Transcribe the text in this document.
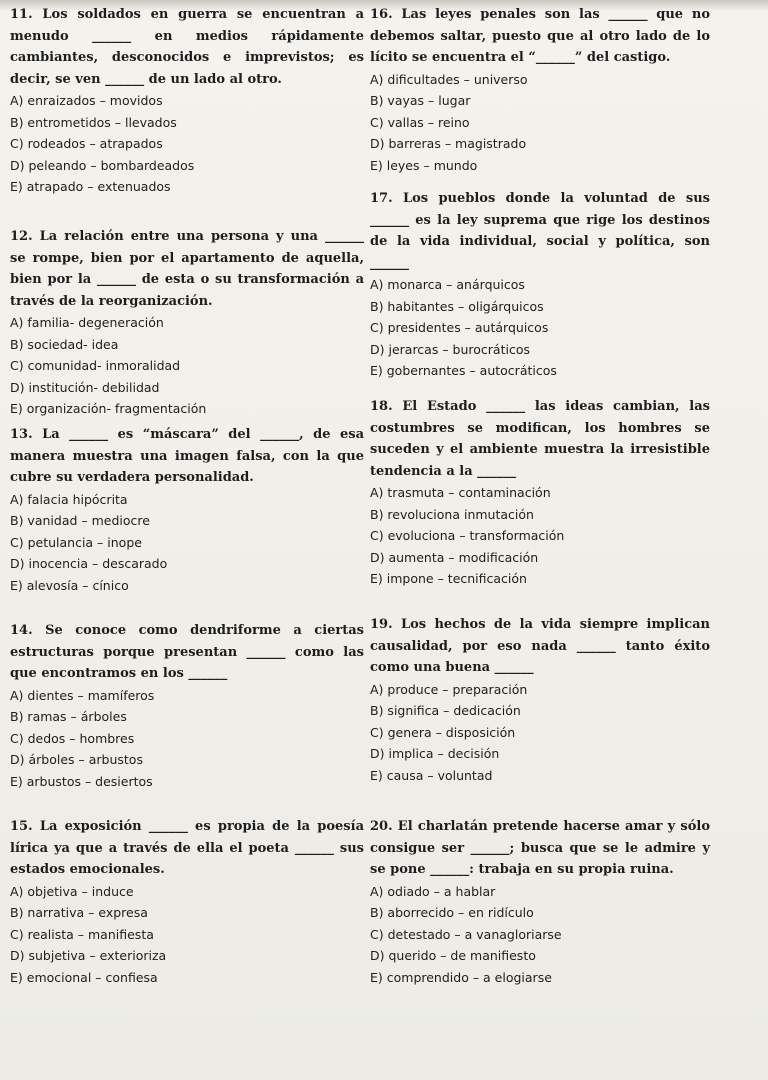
11. Los soldados en guerra se encuentran a menudo ______ en medios rápidamente cambiantes, desconocidos e imprevistos; es decir, se ven ______ de un lado al otro.

A) enraizados – movidos
B) entrometidos – llevados
C) rodeados – atrapados
D) peleando – bombardeados
E) atrapado – extenuados

12. La relación entre una persona y una ______ se rompe, bien por el apartamento de aquella, bien por la ______ de esta o su transformación a través de la reorganización.

A) familia- degeneración
B) sociedad- idea
C) comunidad- inmoralidad
D) institución- debilidad
E) organización- fragmentación

13. La ______ es “máscara” del ______, de esa manera muestra una imagen falsa, con la que cubre su verdadera personalidad.

A) falacia hipócrita
B) vanidad – mediocre
C) petulancia – inope
D) inocencia – descarado
E) alevosía – cínico

14. Se conoce como dendriforme a ciertas estructuras porque presentan ______ como las que encontramos en los ______

A) dientes – mamíferos
B) ramas – árboles
C) dedos – hombres
D) árboles – arbustos
E) arbustos – desiertos

15. La exposición ______ es propia de la poesía lírica ya que a través de ella el poeta ______ sus estados emocionales.

A) objetiva – induce
B) narrativa – expresa
C) realista – manifiesta
D) subjetiva – exterioriza
E) emocional – confiesa

16. Las leyes penales son las ______ que no debemos saltar, puesto que al otro lado de lo lícito se encuentra el “______” del castigo.

A) dificultades – universo
B) vayas – lugar
C) vallas – reino
D) barreras – magistrado
E) leyes – mundo

17. Los pueblos donde la voluntad de sus ______ es la ley suprema que rige los destinos de la vida individual, social y política, son ______

A) monarca – anárquicos
B) habitantes – oligárquicos
C) presidentes – autárquicos
D) jerarcas – burocráticos
E) gobernantes – autocráticos

18. El Estado ______ las ideas cambian, las costumbres se modifican, los hombres se suceden y el ambiente muestra la irresistible tendencia a la ______

A) trasmuta – contaminación
B) revoluciona inmutación
C) evoluciona – transformación
D) aumenta – modificación
E) impone – tecnificación

19. Los hechos de la vida siempre implican causalidad, por eso nada ______ tanto éxito como una buena ______

A) produce – preparación
B) significa – dedicación
C) genera – disposición
D) implica – decisión
E) causa – voluntad

20. El charlatán pretende hacerse amar y sólo consigue ser ______; busca que se le admire y se pone ______: trabaja en su propia ruina.

A) odiado – a hablar
B) aborrecido – en ridículo
C) detestado – a vanagloriarse
D) querido – de manifiesto
E) comprendido – a elogiarse
